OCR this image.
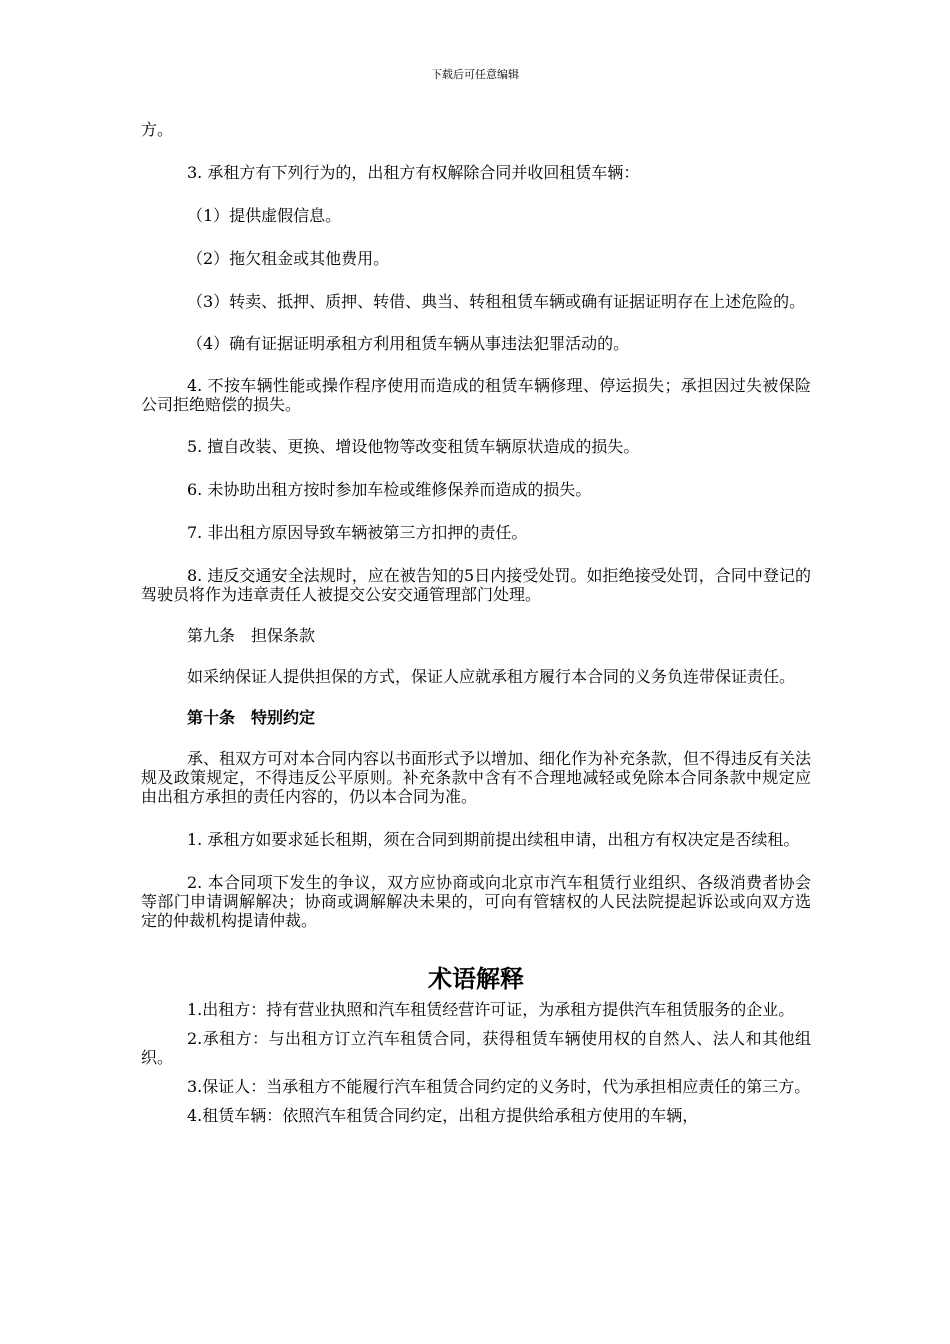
下载后可任意编辑

方。

3. 承租方有下列行为的，出租方有权解除合同并收回租赁车辆：

（1）提供虚假信息。

（2）拖欠租金或其他费用。

（3）转卖、抵押、质押、转借、典当、转租租赁车辆或确有证据证明存在上述危险的。

（4）确有证据证明承租方利用租赁车辆从事违法犯罪活动的。

4. 不按车辆性能或操作程序使用而造成的租赁车辆修理、停运损失；承担因过失被保险公司拒绝赔偿的损失。

5. 擅自改装、更换、增设他物等改变租赁车辆原状造成的损失。

6. 未协助出租方按时参加车检或维修保养而造成的损失。

7. 非出租方原因导致车辆被第三方扣押的责任。

8. 违反交通安全法规时，应在被告知的5日内接受处罚。如拒绝接受处罚，合同中登记的驾驶员将作为违章责任人被提交公安交通管理部门处理。

第九条　担保条款

如采纳保证人提供担保的方式，保证人应就承租方履行本合同的义务负连带保证责任。

第十条　特别约定

承、租双方可对本合同内容以书面形式予以增加、细化作为补充条款，但不得违反有关法规及政策规定，不得违反公平原则。补充条款中含有不合理地减轻或免除本合同条款中规定应由出租方承担的责任内容的，仍以本合同为准。

1. 承租方如要求延长租期，须在合同到期前提出续租申请，出租方有权决定是否续租。

2. 本合同项下发生的争议，双方应协商或向北京市汽车租赁行业组织、各级消费者协会等部门申请调解解决；协商或调解解决未果的，可向有管辖权的人民法院提起诉讼或向双方选定的仲裁机构提请仲裁。

术语解释

1.出租方：持有营业执照和汽车租赁经营许可证，为承租方提供汽车租赁服务的企业。

2.承租方：与出租方订立汽车租赁合同，获得租赁车辆使用权的自然人、法人和其他组织。

3.保证人：当承租方不能履行汽车租赁合同约定的义务时，代为承担相应责任的第三方。

4.租赁车辆：依照汽车租赁合同约定，出租方提供给承租方使用的车辆，
